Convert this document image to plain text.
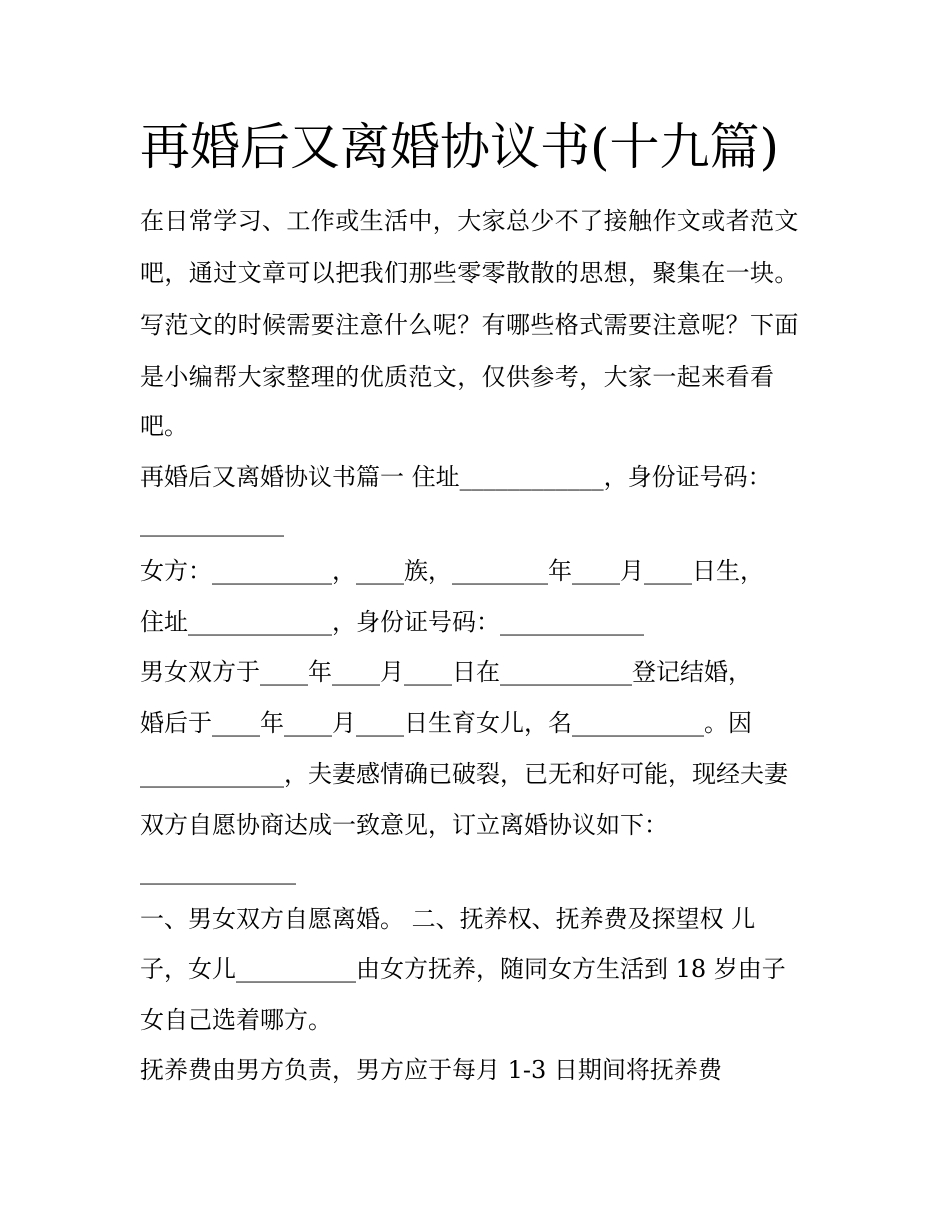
再婚后又离婚协议书(十九篇)
在日常学习、工作或生活中，大家总少不了接触作文或者范文
吧，通过文章可以把我们那些零零散散的思想，聚集在一块。
写范文的时候需要注意什么呢？有哪些格式需要注意呢？下面
是小编帮大家整理的优质范文，仅供参考，大家一起来看看
吧。
再婚后又离婚协议书篇一 住址____________，身份证号码：
____________
女方：__________，____族，________年____月____日生，
住址____________，身份证号码：____________
男女双方于____年____月____日在___________登记结婚，
婚后于____年____月____日生育女儿，名___________。因
____________，夫妻感情确已破裂，已无和好可能，现经夫妻
双方自愿协商达成一致意见，订立离婚协议如下：
_____________
一、男女双方自愿离婚。 二、抚养权、抚养费及探望权 儿
子，女儿__________由女方抚养，随同女方生活到 18 岁由子
女自己选着哪方。
抚养费由男方负责，男方应于每月 1-3 日期间将抚养费
